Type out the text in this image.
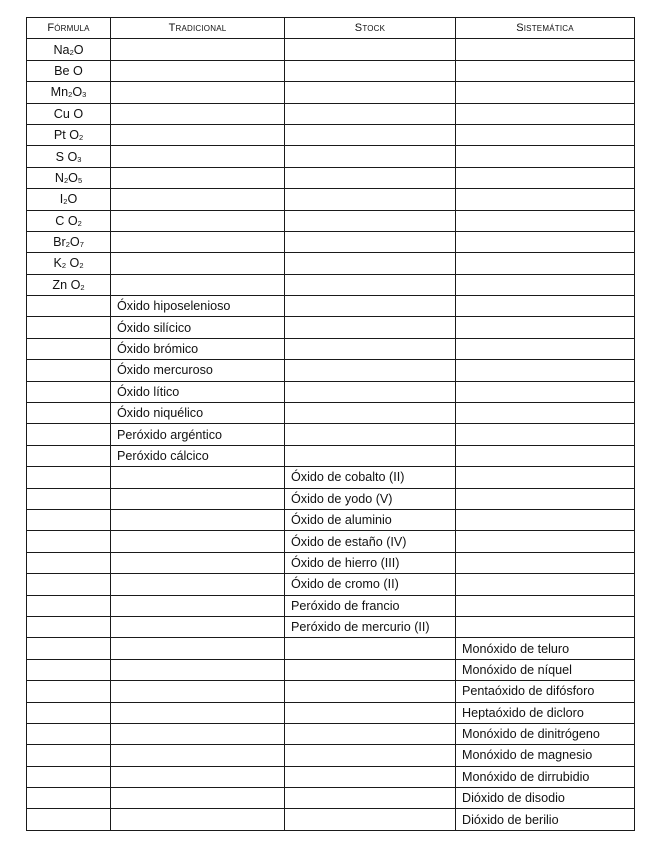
Fórmula	Tradicional	Stock	Sistemática
$Na_2O$			
Be O			
$Mn_2O_3$			
Cu O			
Pt $O_2$			
S $O_3$			
$N_2O_5$			
$I_2O$			
C $O_2$			
$Br_2O_7$			
$K_2$ $O_2$			
Zn $O_2$			
	Óxido hiposelenioso		
	Óxido silícico		
	Óxido brómico		
	Óxido mercuroso		
	Óxido lítico		
	Óxido niquélico		
	Peróxido argéntico		
	Peróxido cálcico		
		Óxido de cobalto (II)	
		Óxido de yodo (V)	
		Óxido de aluminio	
		Óxido de estaño (IV)	
		Óxido de hierro (III)	
		Óxido de cromo (II)	
		Peróxido de francio	
		Peróxido de mercurio (II)	
			Monóxido de teluro
			Monóxido de níquel
			Pentaóxido de difósforo
			Heptaóxido de dicloro
			Monóxido de dinitrógeno
			Monóxido de magnesio
			Monóxido de dirrubidio
			Dióxido de disodio
			Dióxido de berilio
